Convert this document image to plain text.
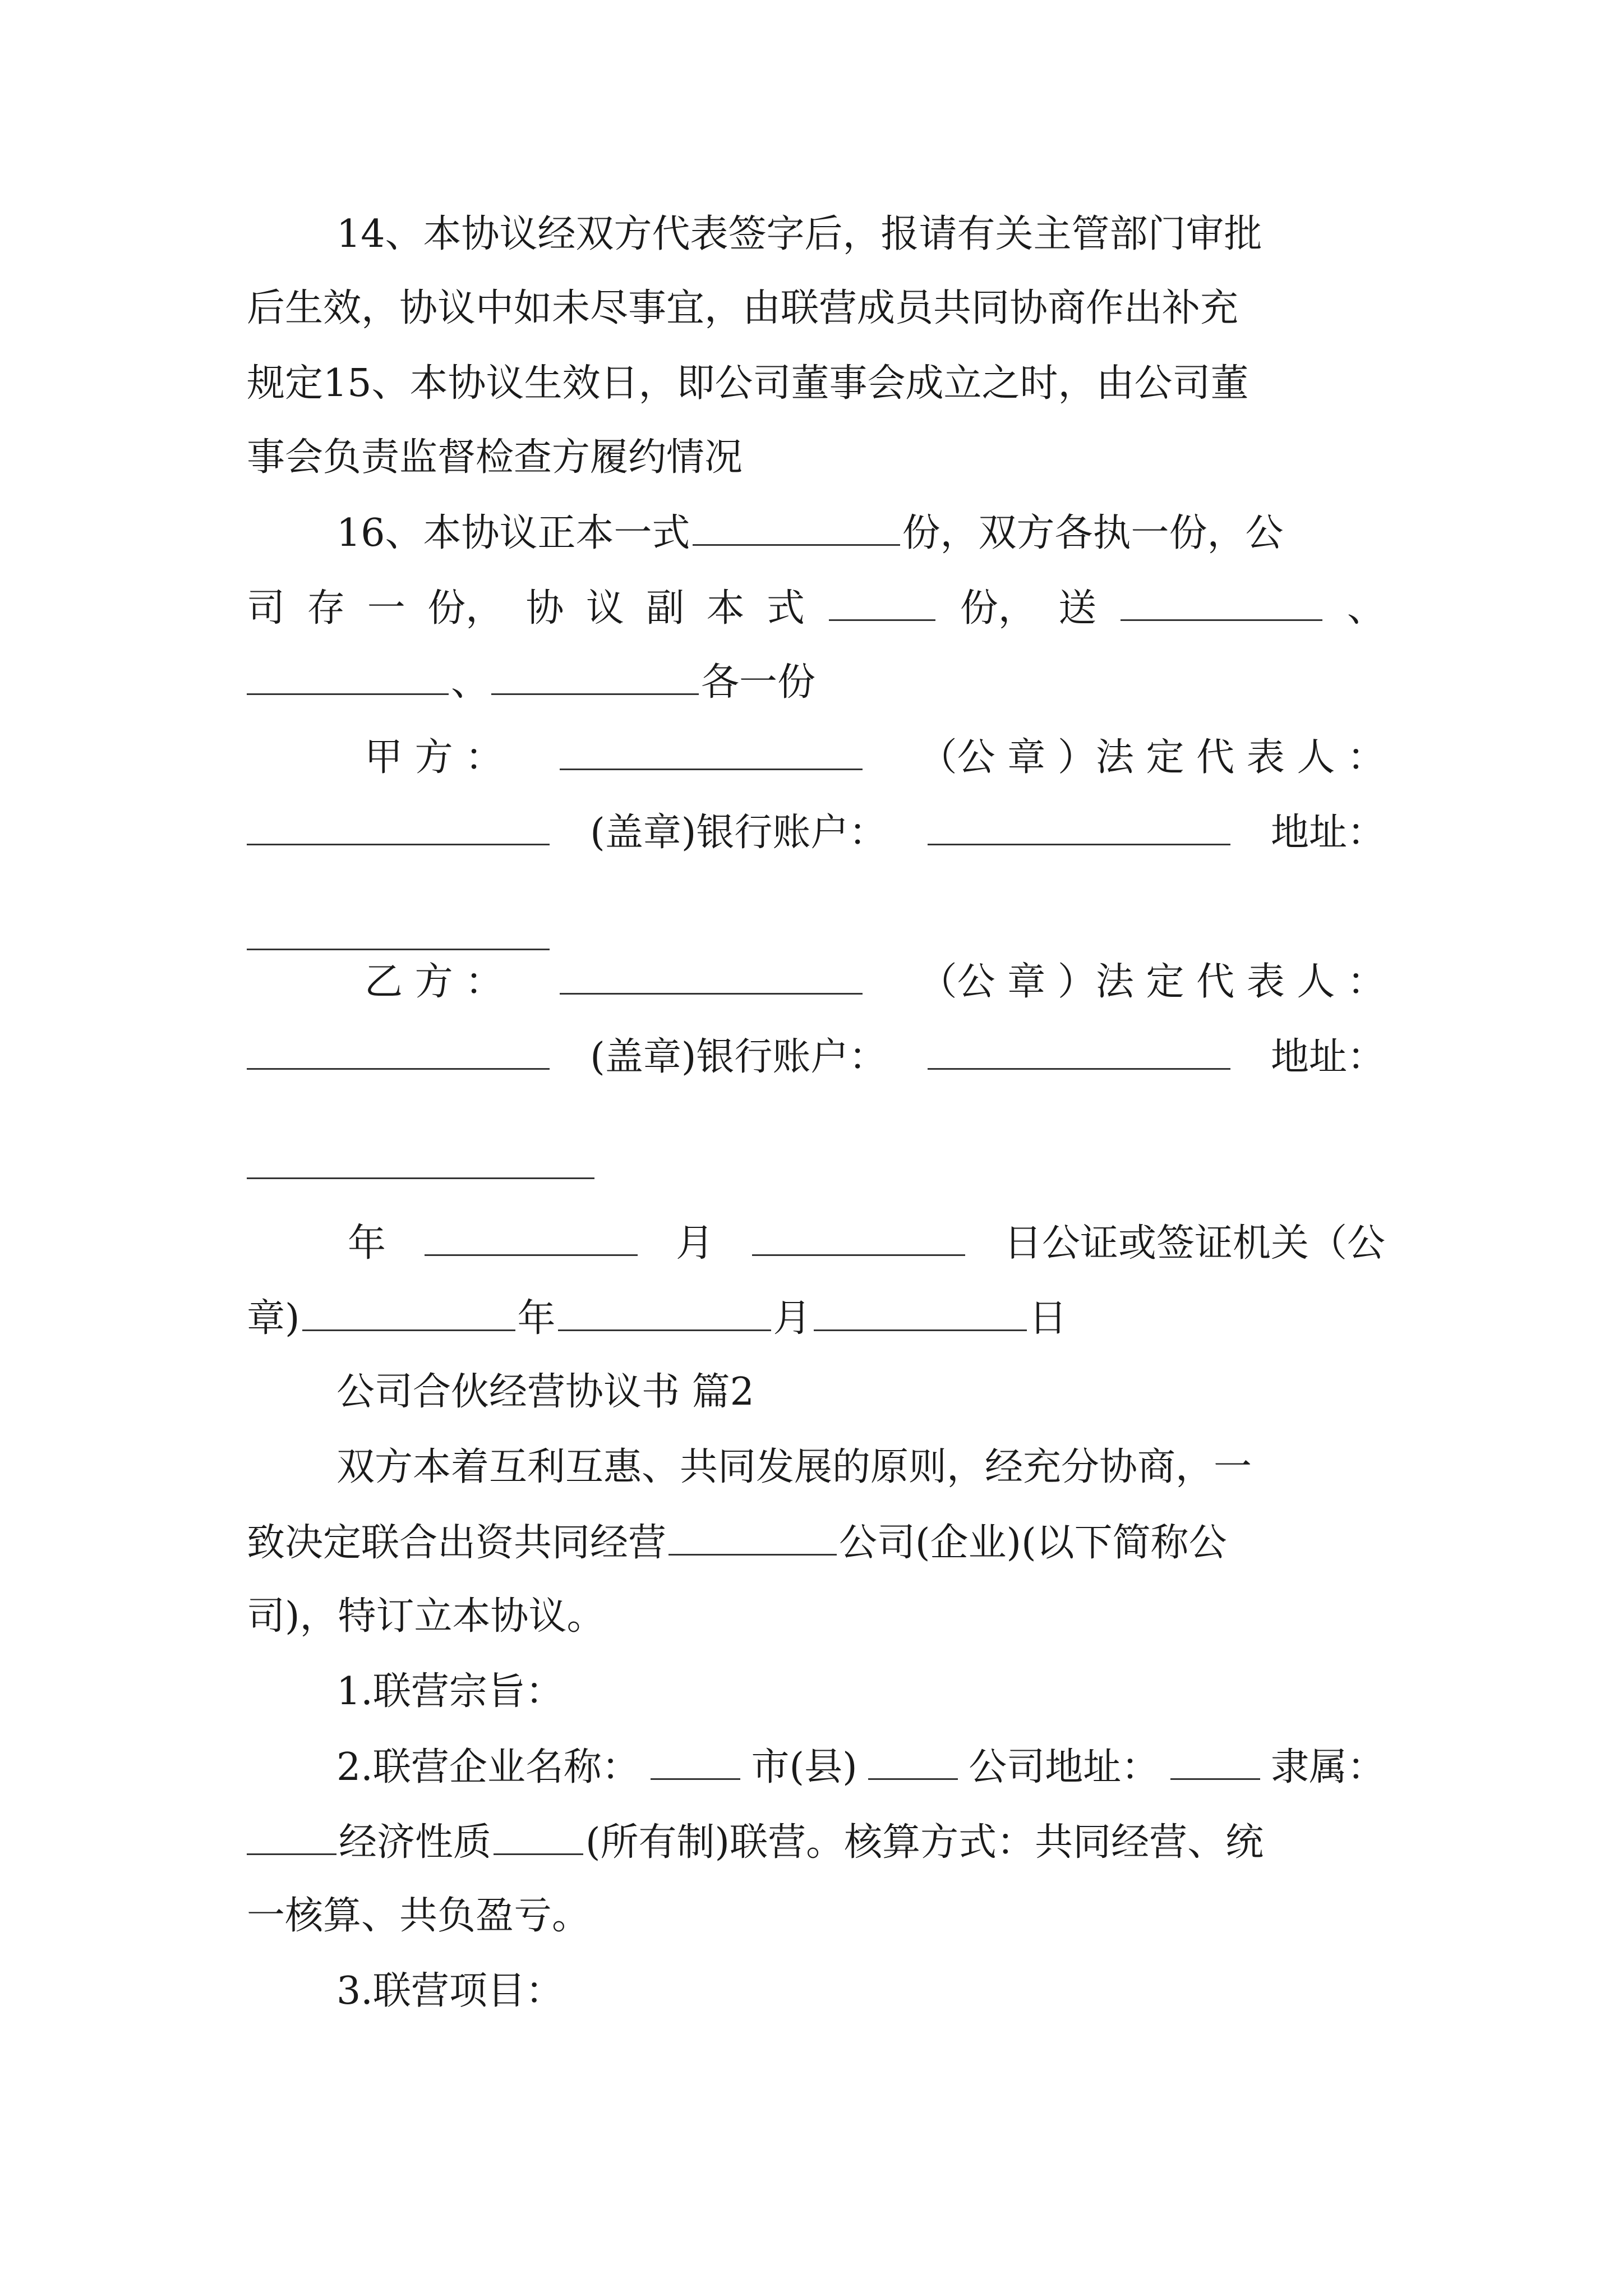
14、本协议经双方代表签字后，报请有关主管部门审批
后生效，协议中如未尽事宜，由联营成员共同协商作出补充
规定15、本协议生效日，即公司董事会成立之时，由公司董
事会负责监督检查方履约情况
16、本协议正本一式	份，双方各执一份，公
司 存 一 份， 协 议 副 本 式	份， 送	、
、	各一份
甲 方 ：	（公 章 ）法 定 代 表 人 ：
(盖章)银行账户：	地址：
乙 方 ：	（公 章 ）法 定 代 表 人 ：
(盖章)银行账户：	地址：
年	月	日公证或签证机关（公
章)	年	月	日
公司合伙经营协议书 篇2
双方本着互利互惠、共同发展的原则，经充分协商，一
致决定联合出资共同经营	公司(企业)(以下简称公
司)，特订立本协议。
1.联营宗旨：
2.联营企业名称：	市(县)	公司地址：	隶属：
经济性质 (所有制)联营。核算方式：共同经营、统
一核算、共负盈亏。
3.联营项目：
